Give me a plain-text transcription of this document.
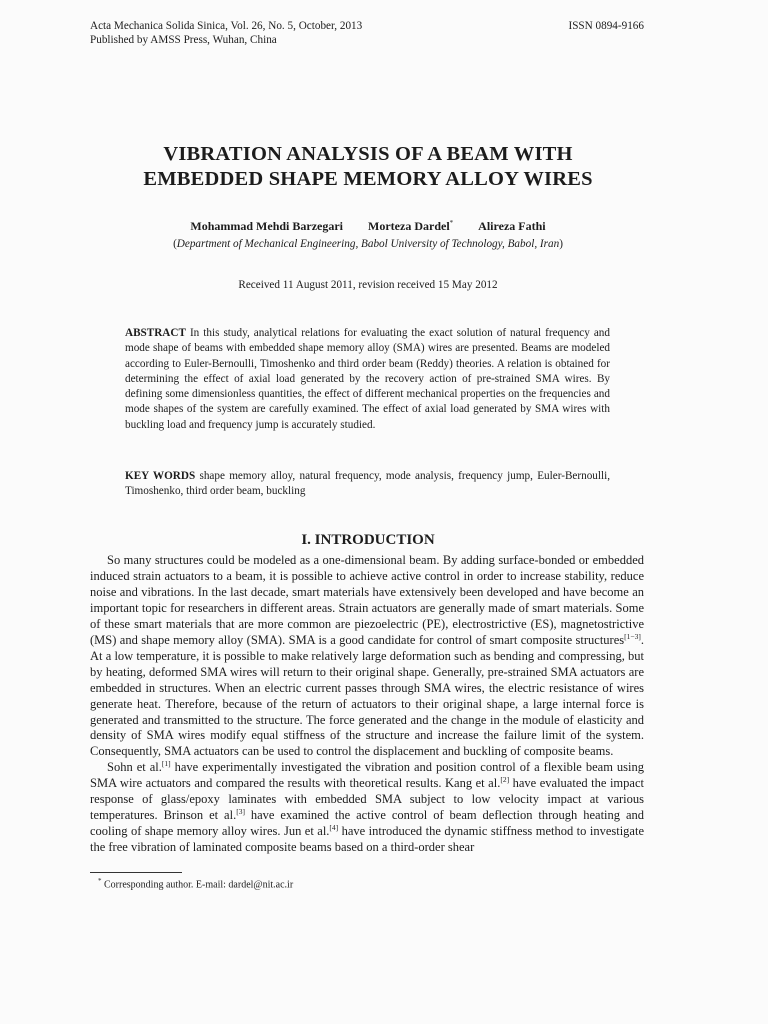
Acta Mechanica Solida Sinica, Vol. 26, No. 5, October, 2013
Published by AMSS Press, Wuhan, China
ISSN 0894-9166
VIBRATION ANALYSIS OF A BEAM WITH
EMBEDDED SHAPE MEMORY ALLOY WIRES
Mohammad Mehdi Barzegari Morteza Dardel* Alireza Fathi
(Department of Mechanical Engineering, Babol University of Technology, Babol, Iran)
Received 11 August 2011, revision received 15 May 2012
ABSTRACT In this study, analytical relations for evaluating the exact solution of natural frequency and mode shape of beams with embedded shape memory alloy (SMA) wires are presented. Beams are modeled according to Euler-Bernoulli, Timoshenko and third order beam (Reddy) theories. A relation is obtained for determining the effect of axial load generated by the recovery action of pre-strained SMA wires. By defining some dimensionless quantities, the effect of different mechanical properties on the frequencies and mode shapes of the system are carefully examined. The effect of axial load generated by SMA wires with buckling load and frequency jump is accurately studied.
KEY WORDS shape memory alloy, natural frequency, mode analysis, frequency jump, Euler-Bernoulli, Timoshenko, third order beam, buckling
I. INTRODUCTION

So many structures could be modeled as a one-dimensional beam. By adding surface-bonded or embedded induced strain actuators to a beam, it is possible to achieve active control in order to increase stability, reduce noise and vibrations. In the last decade, smart materials have extensively been developed and have become an important topic for researchers in different areas. Strain actuators are generally made of smart materials. Some of these smart materials that are more common are piezoelectric (PE), electrostrictive (ES), magnetostrictive (MS) and shape memory alloy (SMA). SMA is a good candidate for control of smart composite structures[1−3]. At a low temperature, it is possible to make relatively large deformation such as bending and compressing, but by heating, deformed SMA wires will return to their original shape. Generally, pre-strained SMA actuators are embedded in structures. When an electric current passes through SMA wires, the electric resistance of wires generate heat. Therefore, because of the return of actuators to their original shape, a large internal force is generated and transmitted to the structure. The force generated and the change in the module of elasticity and density of SMA wires modify equal stiffness of the structure and increase the failure limit of the system. Consequently, SMA actuators can be used to control the displacement and buckling of composite beams.

Sohn et al.[1] have experimentally investigated the vibration and position control of a flexible beam using SMA wire actuators and compared the results with theoretical results. Kang et al.[2] have evaluated the impact response of glass/epoxy laminates with embedded SMA subject to low velocity impact at various temperatures. Brinson et al.[3] have examined the active control of beam deflection through heating and cooling of shape memory alloy wires. Jun et al.[4] have introduced the dynamic stiffness method to investigate the free vibration of laminated composite beams based on a third-order shear

* Corresponding author. E-mail: dardel@nit.ac.ir
